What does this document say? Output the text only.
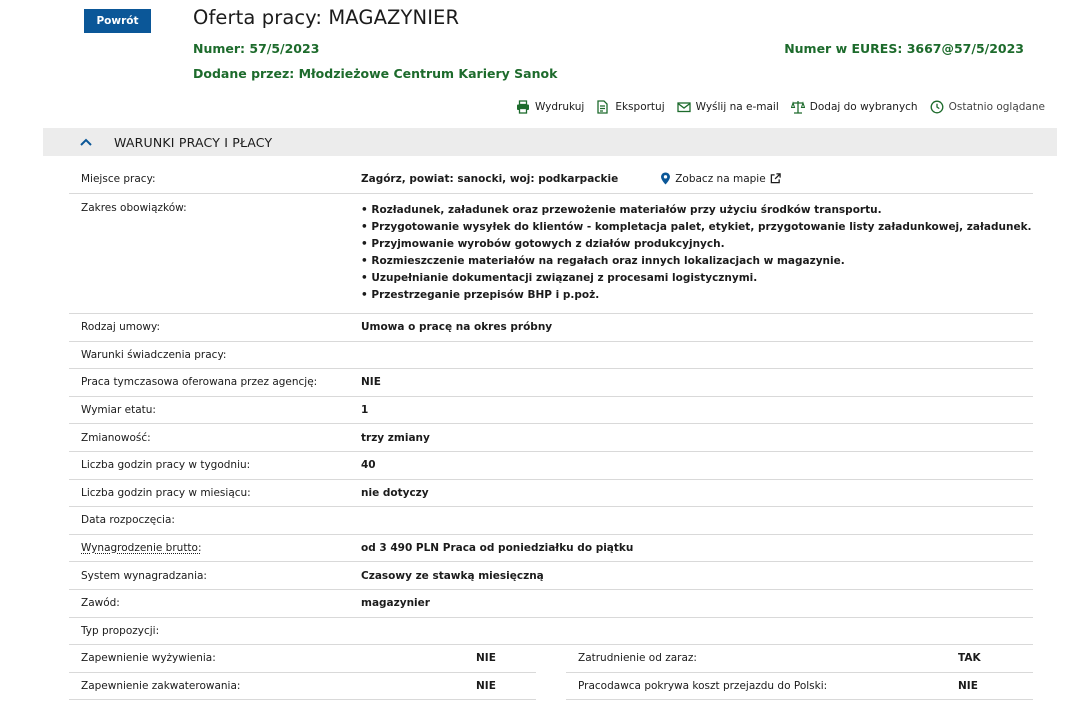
Powrót	Oferta pracy: MAGAZYNIER
Numer: 57/5/2023	Numer w EURES: 3667@57/5/2023
Dodane przez: Młodzieżowe Centrum Kariery Sanok
Wydrukuj	Eksportuj	Wyślij na e-mail	Dodaj do wybranych	Ostatnio oglądane
WARUNKI PRACY I PŁACY
Miejsce pracy:	Zagórz, powiat: sanocki, woj: podkarpackie	Zobacz na mapie
Zakres obowiązków:
•	Rozładunek, załadunek oraz przewożenie materiałów przy użyciu środków transportu.
• Przygotowanie wysyłek do klientów - kompletacja palet, etykiet, przygotowanie listy załadunkowej, załadunek.
• Przyjmowanie wyrobów gotowych z działów produkcyjnych.
• Rozmieszczenie materiałów na regałach oraz innych lokalizacjach w magazynie.
• Uzupełnianie dokumentacji związanej z procesami logistycznymi.
• Przestrzeganie przepisów BHP i p.poż.
Rodzaj umowy:	Umowa o pracę na okres próbny
Warunki świadczenia pracy:
Praca tymczasowa oferowana przez agencję:	NIE
Wymiar etatu:	1
Zmianowość:	trzy zmiany
Liczba godzin pracy w tygodniu:	40
Liczba godzin pracy w miesiącu:	nie dotyczy
Data rozpoczęcia:
Wynagrodzenie brutto:	od 3 490 PLN Praca od poniedziałku do piątku
System wynagradzania:	Czasowy ze stawką miesięczną
Zawód:	magazynier
Typ propozycji:
Zapewnienie wyżywienia:	NIE	Zatrudnienie od zaraz:	TAK
Zapewnienie zakwaterowania:	NIE	Pracodawca pokrywa koszt przejazdu do Polski:	NIE
